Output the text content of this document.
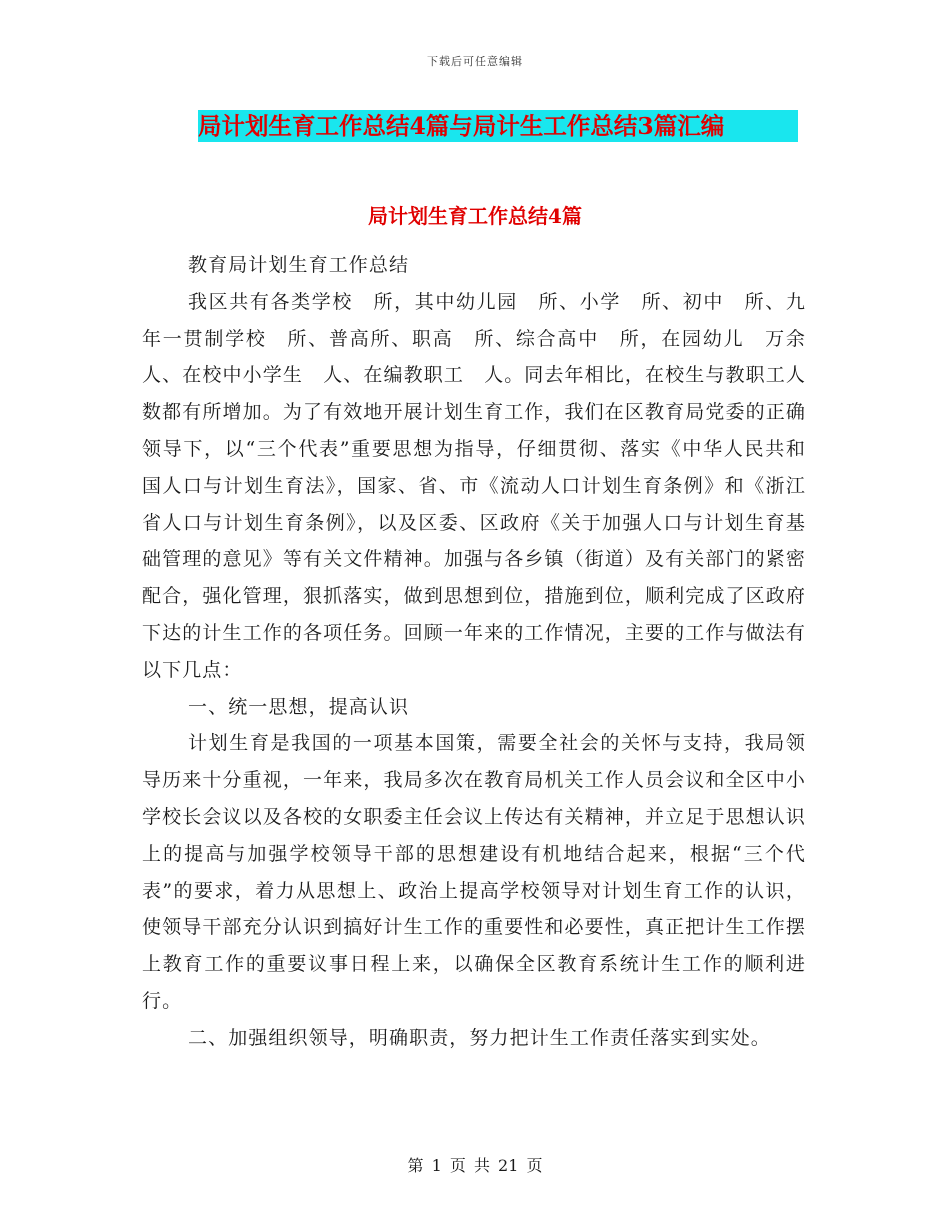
下载后可任意编辑
局计划生育工作总结4篇与局计生工作总结3篇汇编
局计划生育工作总结4篇

教育局计划生育工作总结

我区共有各类学校　所，其中幼儿园　所、小学　所、初中　所、九年一贯制学校　所、普高所、职高　所、综合高中　所，在园幼儿　万余人、在校中小学生　人、在编教职工　人。同去年相比，在校生与教职工人数都有所增加。为了有效地开展计划生育工作，我们在区教育局党委的正确领导下，以“三个代表”重要思想为指导，仔细贯彻、落实《中华人民共和国人口与计划生育法》，国家、省、市《流动人口计划生育条例》和《浙江省人口与计划生育条例》，以及区委、区政府《关于加强人口与计划生育基础管理的意见》等有关文件精神。加强与各乡镇（街道）及有关部门的紧密配合，强化管理，狠抓落实，做到思想到位，措施到位，顺利完成了区政府下达的计生工作的各项任务。回顾一年来的工作情况，主要的工作与做法有以下几点：

一、统一思想，提高认识

计划生育是我国的一项基本国策，需要全社会的关怀与支持，我局领导历来十分重视，一年来，我局多次在教育局机关工作人员会议和全区中小学校长会议以及各校的女职委主任会议上传达有关精神，并立足于思想认识上的提高与加强学校领导干部的思想建设有机地结合起来，根据“三个代表”的要求，着力从思想上、政治上提高学校领导对计划生育工作的认识，使领导干部充分认识到搞好计生工作的重要性和必要性，真正把计生工作摆上教育工作的重要议事日程上来，以确保全区教育系统计生工作的顺利进行。

二、加强组织领导，明确职责，努力把计生工作责任落实到实处。

第 1 页 共 21 页
